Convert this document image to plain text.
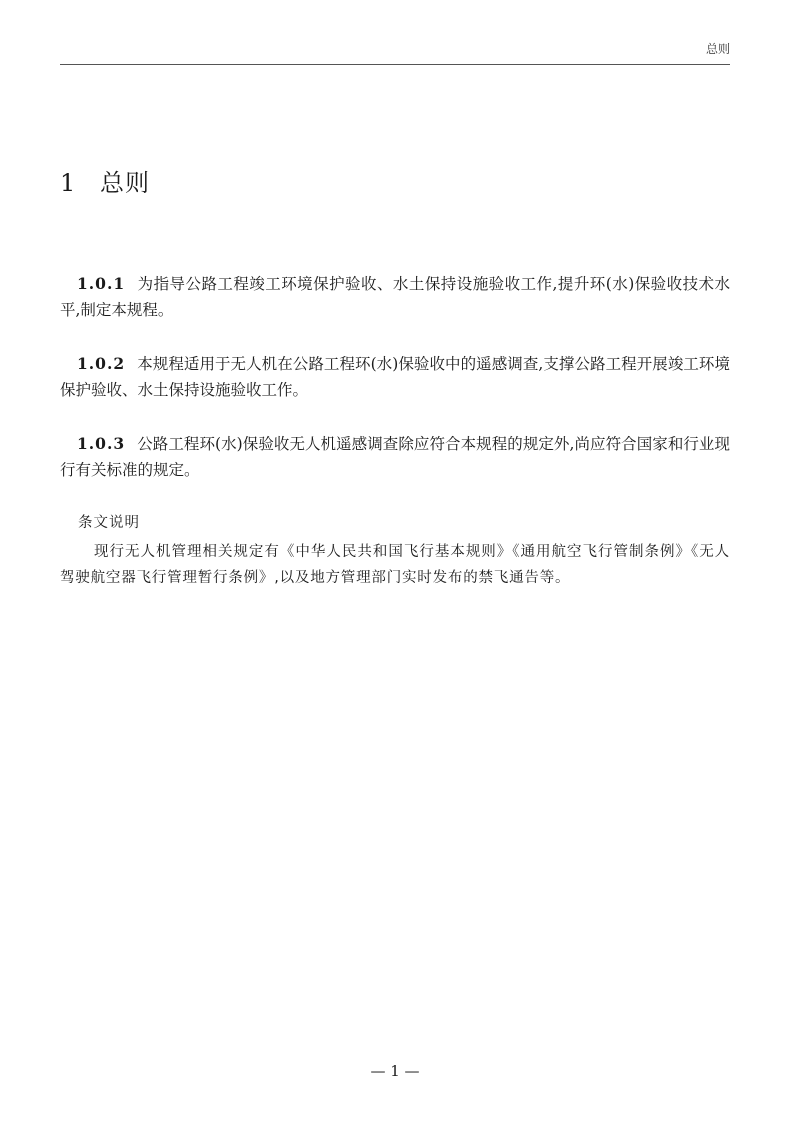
总则
1 总则
1.0.1 为指导公路工程竣工环境保护验收、水土保持设施验收工作,提升环(水)保验收技术水平,制定本规程。
1.0.2 本规程适用于无人机在公路工程环(水)保验收中的遥感调查,支撑公路工程开展竣工环境保护验收、水土保持设施验收工作。
1.0.3 公路工程环(水)保验收无人机遥感调查除应符合本规程的规定外,尚应符合国家和行业现行有关标准的规定。
条文说明
现行无人机管理相关规定有《中华人民共和国飞行基本规则》《通用航空飞行管制条例》《无人驾驶航空器飞行管理暂行条例》,以及地方管理部门实时发布的禁飞通告等。
— 1 —
